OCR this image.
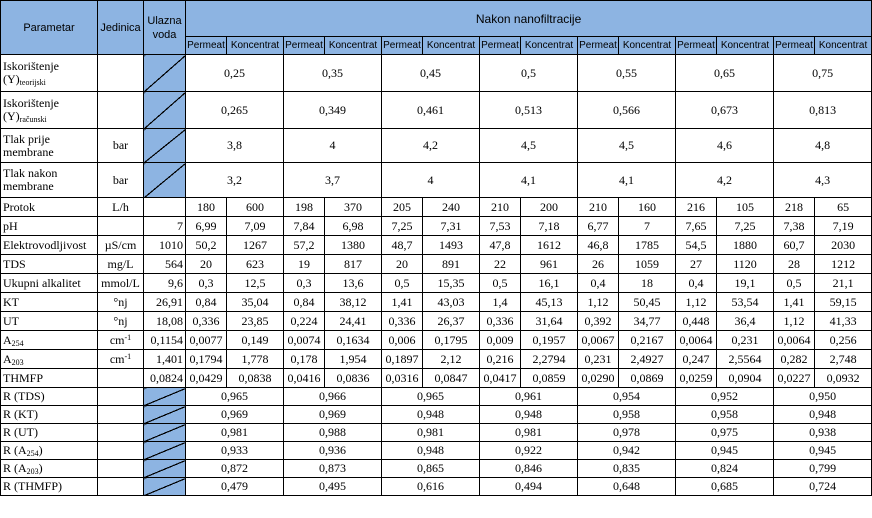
Parametar	Jedinica	Ulazna voda	Nakon nanofiltracije													
			Permeat	Koncentrat	Permeat	Koncentrat	Permeat	Koncentrat	Permeat	Koncentrat	Permeat	Koncentrat	Permeat	Koncentrat	Permeat	Koncentrat
Iskorištenje $(Y)_{teorijski}$			0,25		0,35		0,45		0,5		0,55		0,65		0,75	
Iskorištenje $(Y)_{računski}$			0,265		0,349		0,461		0,513		0,566		0,673		0,813	
Tlak prije membrane	bar		3,8		4		4,2		4,5		4,5		4,6		4,8	
Tlak nakon membrane	bar		3,2		3,7		4		4,1		4,1		4,2		4,3	
Protok	L/h		180	600	198	370	205	240	210	200	210	160	216	105	218	65
pH		7	6,99	7,09	7,84	6,98	7,25	7,31	7,53	7,18	6,77	7	7,65	7,25	7,38	7,19
Elektrovodljivost	µS/cm	1010	50,2	1267	57,2	1380	48,7	1493	47,8	1612	46,8	1785	54,5	1880	60,7	2030
TDS	mg/L	564	20	623	19	817	20	891	22	961	26	1059	27	1120	28	1212
Ukupni alkalitet	mmol/L	9,6	0,3	12,5	0,3	13,6	0,5	15,35	0,5	16,1	0,4	18	0,4	19,1	0,5	21,1
KT	°nj	26,91	0,84	35,04	0,84	38,12	1,41	43,03	1,4	45,13	1,12	50,45	1,12	53,54	1,41	59,15
UT	°nj	18,08	0,336	23,85	0,224	24,41	0,336	26,37	0,336	31,64	0,392	34,77	0,448	36,4	1,12	41,33
$A_{254}$	$cm^{-1}$	0,1154	0,0077	0,149	0,0074	0,1634	0,006	0,1795	0,009	0,1957	0,0067	0,2167	0,0064	0,231	0,0064	0,256
$A_{203}$	$cm^{-1}$	1,401	0,1794	1,778	0,178	1,954	0,1897	2,12	0,216	2,2794	0,231	2,4927	0,247	2,5564	0,282	2,748
THMFP		0,0824	0,0429	0,0838	0,0416	0,0836	0,0316	0,0847	0,0417	0,0859	0,0290	0,0869	0,0259	0,0904	0,0227	0,0932
R (TDS)			0,965		0,966		0,965		0,961		0,954		0,952		0,950	
R (KT)			0,969		0,969		0,948		0,948		0,958		0,958		0,948	
R (UT)			0,981		0,988		0,981		0,981		0,978		0,975		0,938	
R $(A_{254})$			0,933		0,936		0,948		0,922		0,942		0,945		0,945	
R $(A_{203})$			0,872		0,873		0,865		0,846		0,835		0,824		0,799	
R (THMFP)			0,479		0,495		0,616		0,494		0,648		0,685		0,724	
